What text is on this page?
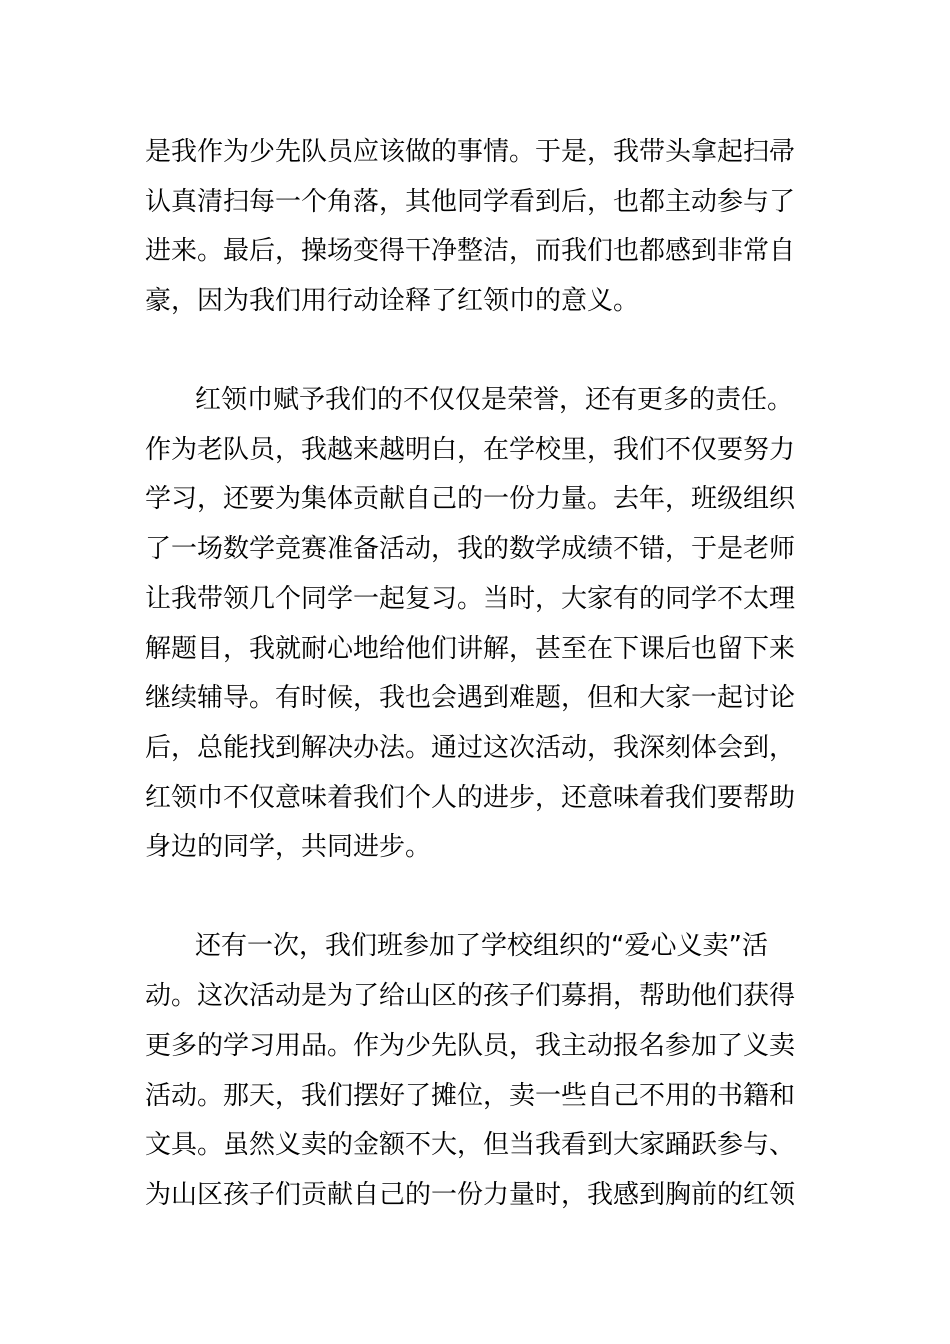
是我作为少先队员应该做的事情。于是，我带头拿起扫帚
认真清扫每一个角落，其他同学看到后，也都主动参与了
进来。最后，操场变得干净整洁，而我们也都感到非常自
豪，因为我们用行动诠释了红领巾的意义。
红领巾赋予我们的不仅仅是荣誉，还有更多的责任。
作为老队员，我越来越明白，在学校里，我们不仅要努力
学习，还要为集体贡献自己的一份力量。去年，班级组织
了一场数学竞赛准备活动，我的数学成绩不错，于是老师
让我带领几个同学一起复习。当时，大家有的同学不太理
解题目，我就耐心地给他们讲解，甚至在下课后也留下来
继续辅导。有时候，我也会遇到难题，但和大家一起讨论
后，总能找到解决办法。通过这次活动，我深刻体会到，
红领巾不仅意味着我们个人的进步，还意味着我们要帮助
身边的同学，共同进步。
还有一次，我们班参加了学校组织的“爱心义卖”活
动。这次活动是为了给山区的孩子们募捐，帮助他们获得
更多的学习用品。作为少先队员，我主动报名参加了义卖
活动。那天，我们摆好了摊位，卖一些自己不用的书籍和
文具。虽然义卖的金额不大，但当我看到大家踊跃参与、
为山区孩子们贡献自己的一份力量时，我感到胸前的红领
